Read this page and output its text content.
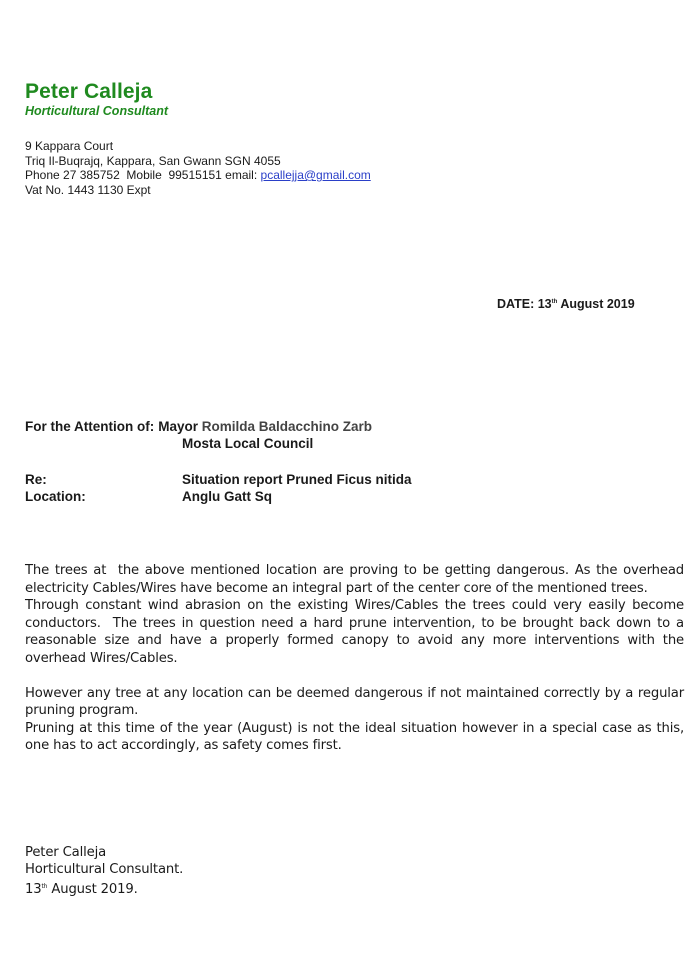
Peter Calleja
Horticultural Consultant
9 Kappara Court
Triq Il-Buqrajq, Kappara, San Gwann SGN 4055
Phone 27 385752  Mobile  99515151 email: pcallejja@gmail.com
Vat No. 1443 1130 Expt
DATE: 13th August 2019
For the Attention of: Mayor Romilda Baldacchino Zarb
Mosta Local Council
Re:	Situation report Pruned Ficus nitida
Location:	Anglu Gatt Sq

The trees at  the above mentioned location are proving to be getting dangerous. As the overhead electricity Cables/Wires have become an integral part of the center core of the mentioned trees.

Through constant wind abrasion on the existing Wires/Cables the trees could very easily become conductors.  The trees in question need a hard prune intervention, to be brought back down to a reasonable size and have a properly formed canopy to avoid any more interventions with the overhead Wires/Cables.

However any tree at any location can be deemed dangerous if not maintained correctly by a regular pruning program.

Pruning at this time of the year (August) is not the ideal situation however in a special case as this, one has to act accordingly, as safety comes first.

Peter Calleja
Horticultural Consultant.
13th August 2019.
